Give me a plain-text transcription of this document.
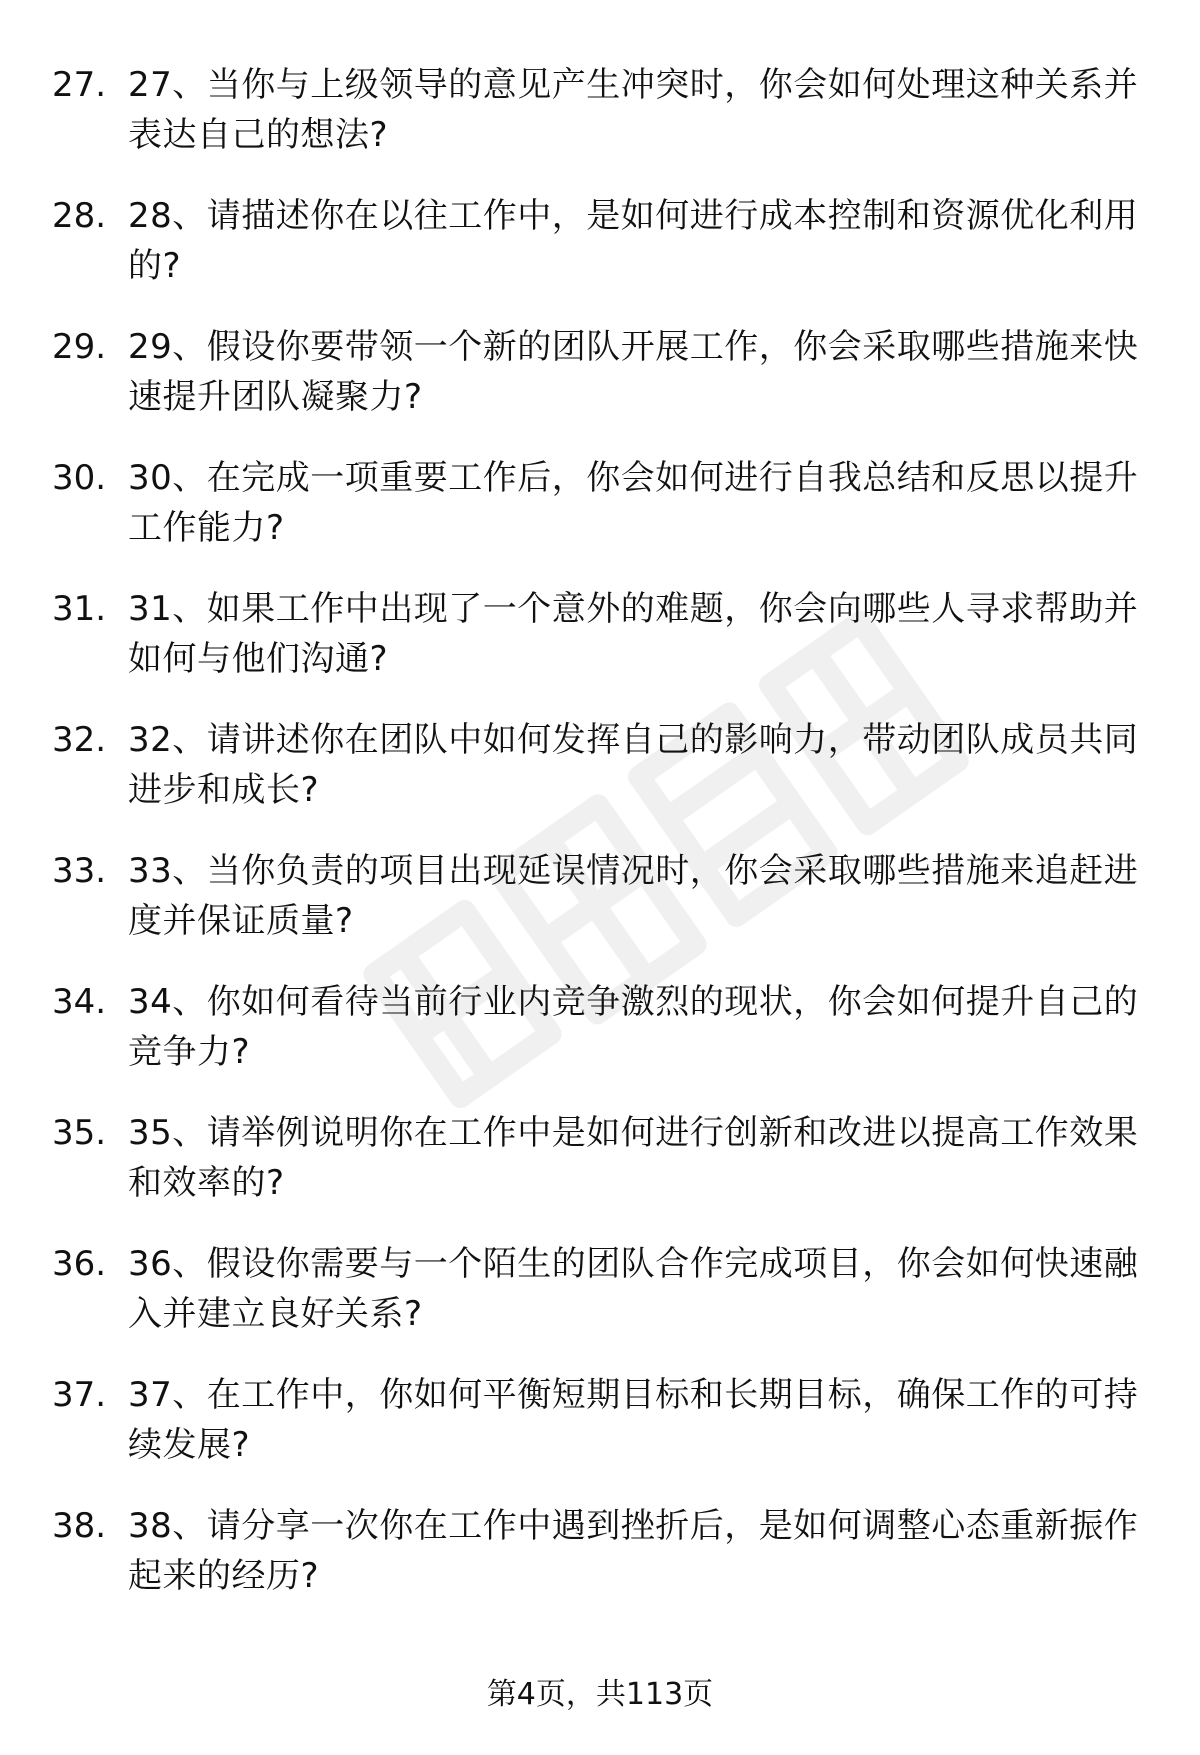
27. 27、当你与上级领导的意见产生冲突时，你会如何处理这种关系并表达自己的想法?
28. 28、请描述你在以往工作中，是如何进行成本控制和资源优化利用的?
29. 29、假设你要带领一个新的团队开展工作，你会采取哪些措施来快速提升团队凝聚力?
30. 30、在完成一项重要工作后，你会如何进行自我总结和反思以提升工作能力?
31. 31、如果工作中出现了一个意外的难题，你会向哪些人寻求帮助并如何与他们沟通?
32. 32、请讲述你在团队中如何发挥自己的影响力，带动团队成员共同进步和成长?
33. 33、当你负责的项目出现延误情况时，你会采取哪些措施来追赶进度并保证质量?
34. 34、你如何看待当前行业内竞争激烈的现状，你会如何提升自己的竞争力?
35. 35、请举例说明你在工作中是如何进行创新和改进以提高工作效果和效率的?
36. 36、假设你需要与一个陌生的团队合作完成项目，你会如何快速融入并建立良好关系?
37. 37、在工作中，你如何平衡短期目标和长期目标，确保工作的可持续发展?
38. 38、请分享一次你在工作中遇到挫折后，是如何调整心态重新振作起来的经历?
第4页，共113页
